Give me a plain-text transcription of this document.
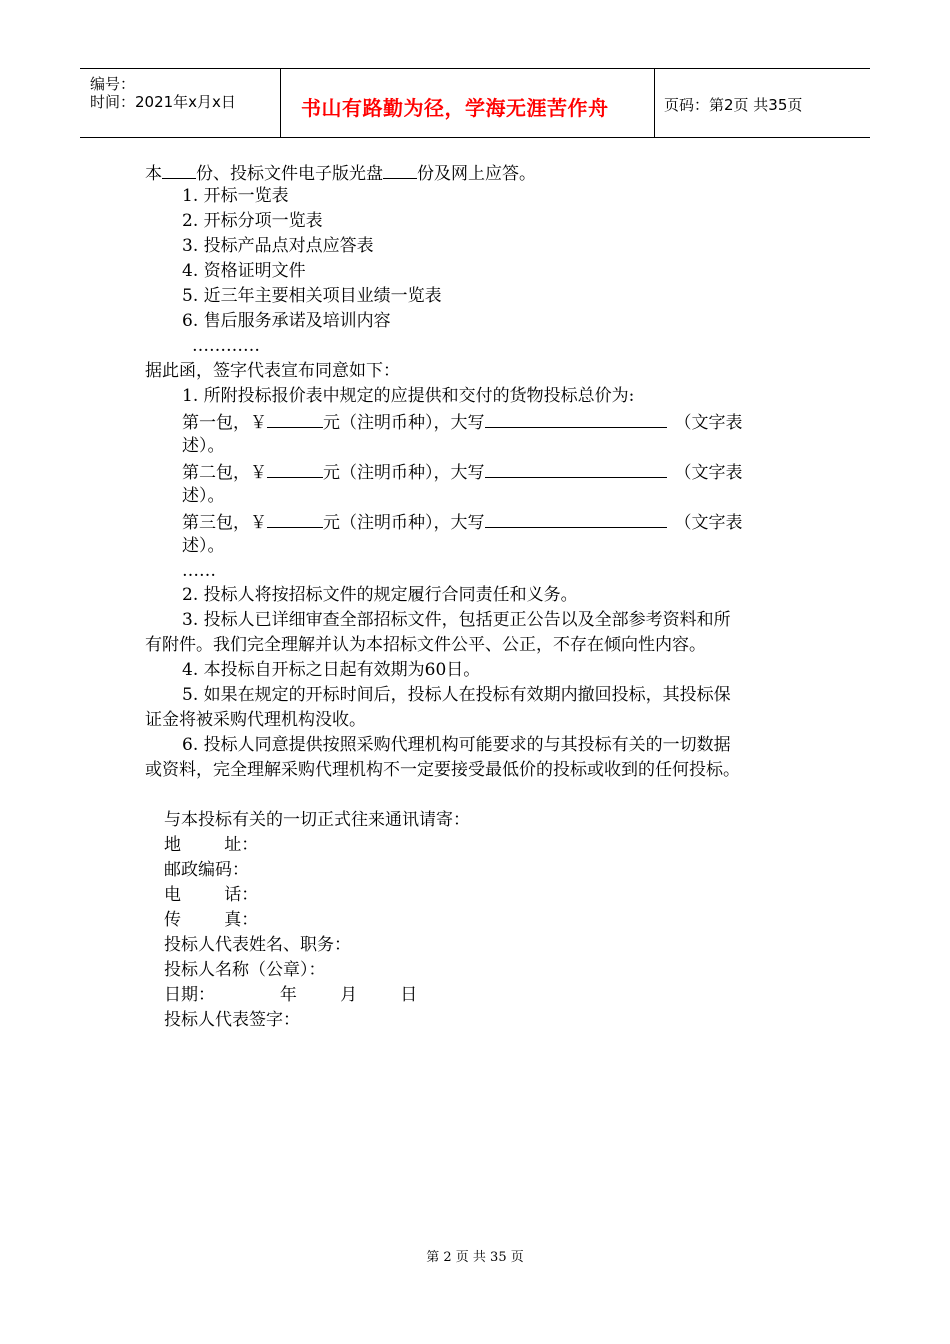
编号：
时间：2021年x月x日	书山有路勤为径，学海无涯苦作舟	页码：第2页 共35页
本 份、投标文件电子版光盘 份及网上应答。
1. 开标一览表
2. 开标分项一览表
3. 投标产品点对点应答表
4. 资格证明文件
5. 近三年主要相关项目业绩一览表
6. 售后服务承诺及培训内容
…………
据此函，签字代表宣布同意如下：
1. 所附投标报价表中规定的应提供和交付的货物投标总价为:
第一包，￥	元（注明币种），大写	（文字表
述）。
第二包，￥	元（注明币种），大写	（文字表
述）。
第三包，￥	元（注明币种），大写	（文字表
述）。
……
2. 投标人将按招标文件的规定履行合同责任和义务。
3. 投标人已详细审查全部招标文件，包括更正公告以及全部参考资料和所
有附件。我们完全理解并认为本招标文件公平、公正，不存在倾向性内容。
4. 本投标自开标之日起有效期为60日。
5. 如果在规定的开标时间后，投标人在投标有效期内撤回投标，其投标保
证金将被采购代理机构没收。
6. 投标人同意提供按照采购代理机构可能要求的与其投标有关的一切数据
或资料，完全理解采购代理机构不一定要接受最低价的投标或收到的任何投标。
与本投标有关的一切正式往来通讯请寄：
地        址：
邮政编码：
电        话：
传        真：
投标人代表姓名、职务：
投标人名称（公章）：
日期：            年        月        日
投标人代表签字：
第 2 页 共 35 页
